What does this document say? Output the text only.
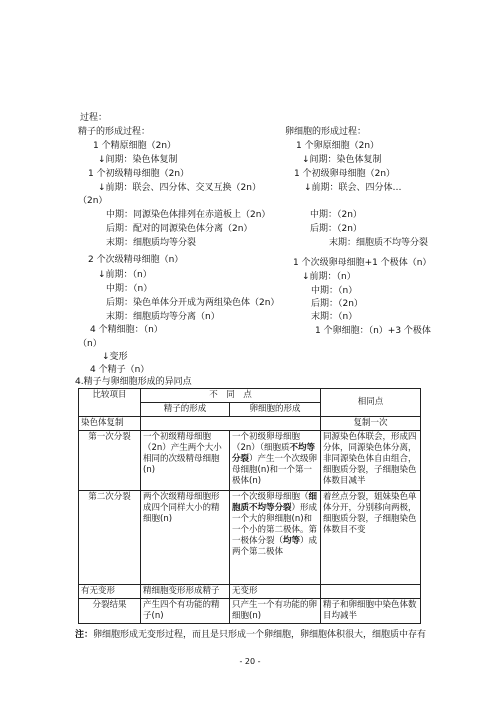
过程：
精子的形成过程：
1 个精原细胞（2n）
↓间期：染色体复制
1 个初级精母细胞（2n）
↓前期：联会、四分体、交叉互换（2n）
（2n）
中期：同源染色体排列在赤道板上（2n）
后期：配对的同源染色体分离（2n）
末期：细胞质均等分裂
2 个次级精母细胞（n）
↓前期：（n）
中期：（n）
后期：染色单体分开成为两组染色体（2n）
末期：细胞质均等分离（n）
4 个精细胞：（n）
（n）
↓变形
4 个精子（n）
卵细胞的形成过程：
1 个卵原细胞（2n）
↓间期：染色体复制
1 个初级卵母细胞（2n）
↓前期：联会、四分体…
中期：（2n）
后期：（2n）
末期：细胞质不均等分裂
1 个次级卵母细胞+1 个极体（n）
↓前期：（n）
中期：（n）
后期：（2n）
末期：（n）
1 个卵细胞：（n）+3 个极体
4.精子与卵细胞形成的异同点
比较项目	不　同　点		相同点
	精子的形成	卵细胞的形成	
染色体复制			复制一次
第一次分裂	一个初级精母细胞（2n）产生两个大小相同的次级精母细胞(n)	一个初级卵母细胞（2n）（细胞质不均等分裂）产生一个次级卵母细胞(n)和一个第一极体(n)	同源染色体联会，形成四分体，同源染色体分离，非同源染色体自由组合，细胞质分裂，子细胞染色体数目减半
第二次分裂	两个次级精母细胞形成四个同样大小的精细胞(n)	一个次级卵母细胞（细胞质不均等分裂）形成一个大的卵细胞(n)和一个小的第二极体。第一极体分裂（均等）成两个第二极体	着丝点分裂，姐妹染色单体分开，分别移向两极，细胞质分裂，子细胞染色体数目不变
有无变形	精细胞变形形成精子	无变形	
分裂结果	产生四个有功能的精子(n)	只产生一个有功能的卵细胞(n)	精子和卵细胞中染色体数目均减半
注：卵细胞形成无变形过程，而且是只形成一个卵细胞，卵细胞体积很大，细胞质中存有
- 20 -
